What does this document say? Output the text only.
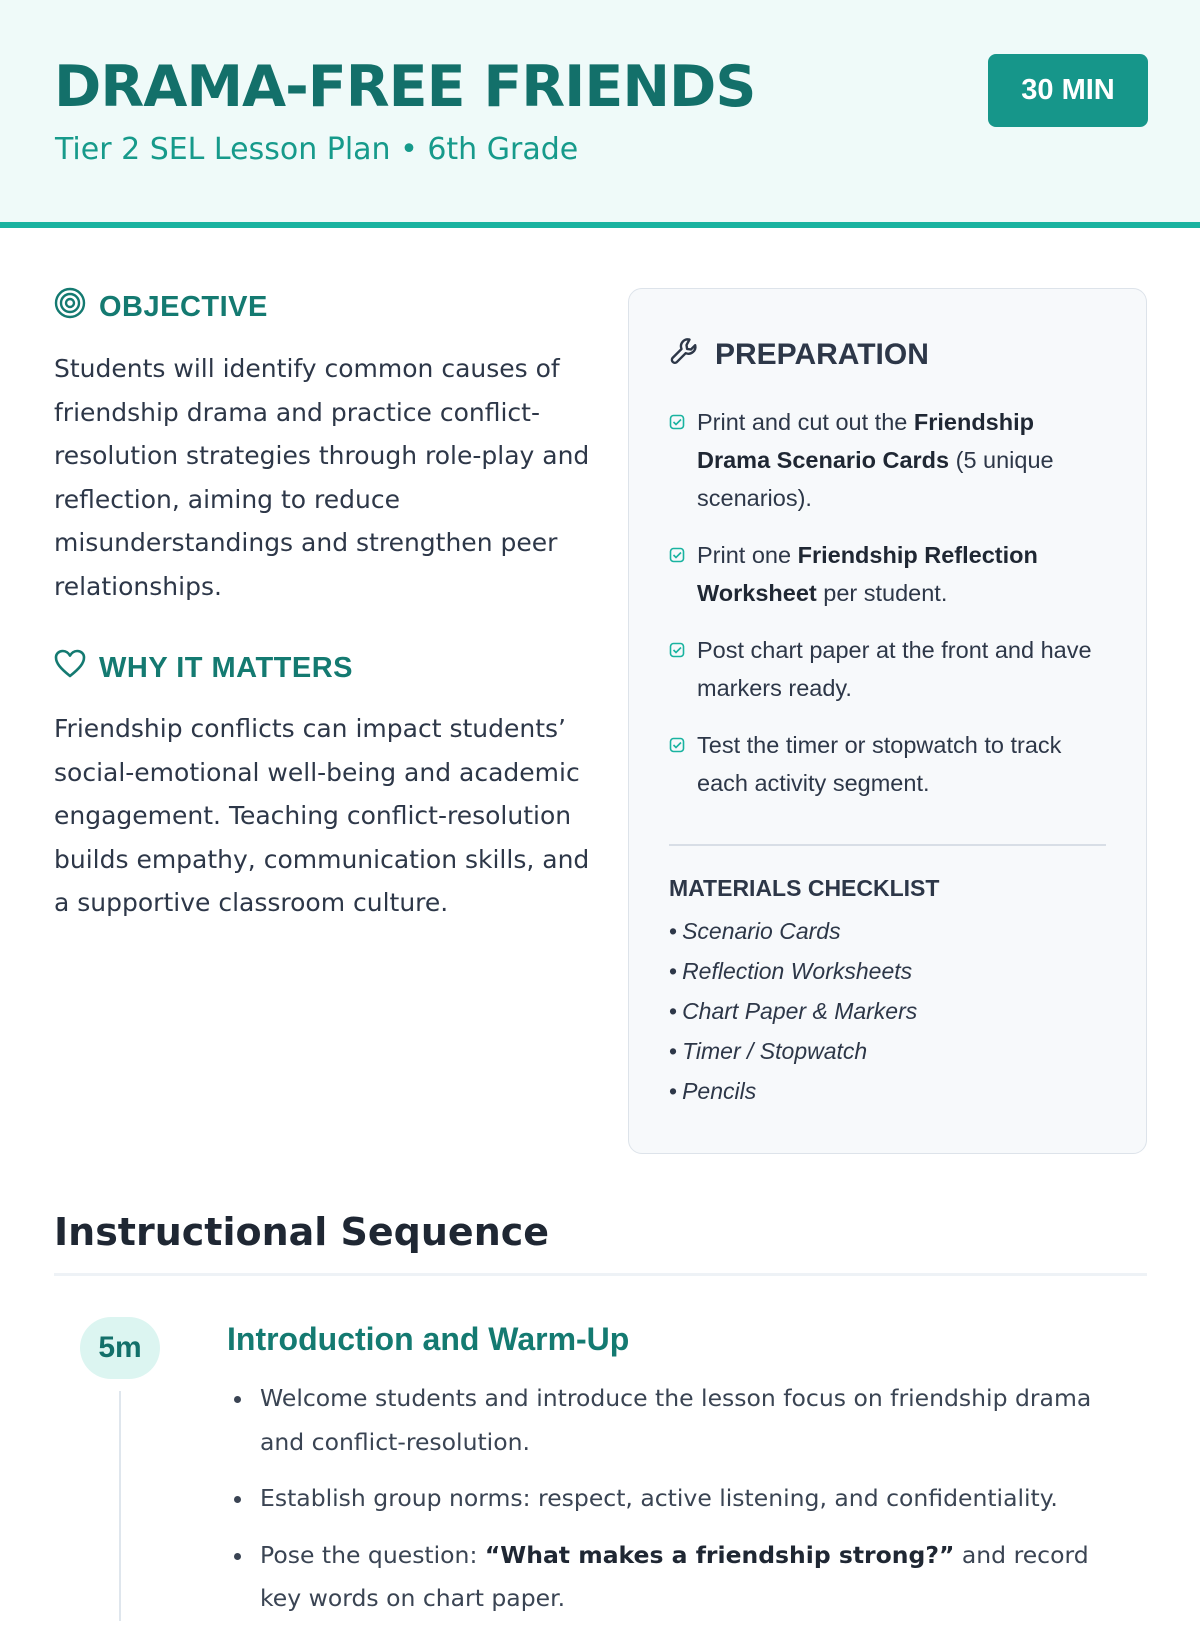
DRAMA-FREE FRIENDS
Tier 2 SEL Lesson Plan • 6th Grade
30 MIN
OBJECTIVE
Students will identify common causes of friendship drama and practice conflict-resolution strategies through role-play and reflection, aiming to reduce misunderstandings and strengthen peer relationships.
WHY IT MATTERS
Friendship conflicts can impact students’ social-emotional well-being and academic engagement. Teaching conflict-resolution builds empathy, communication skills, and a supportive classroom culture.
PREPARATION
Print and cut out the Friendship Drama Scenario Cards (5 unique scenarios).
Print one Friendship Reflection Worksheet per student.
Post chart paper at the front and have markers ready.
Test the timer or stopwatch to track each activity segment.
MATERIALS CHECKLIST
• Scenario Cards
• Reflection Worksheets
• Chart Paper & Markers
• Timer / Stopwatch
• Pencils
Instructional Sequence
5m	Introduction and Warm-Up
Welcome students and introduce the lesson focus on friendship drama and conflict-resolution.
Establish group norms: respect, active listening, and confidentiality.
Pose the question: “What makes a friendship strong?” and record key words on chart paper.
